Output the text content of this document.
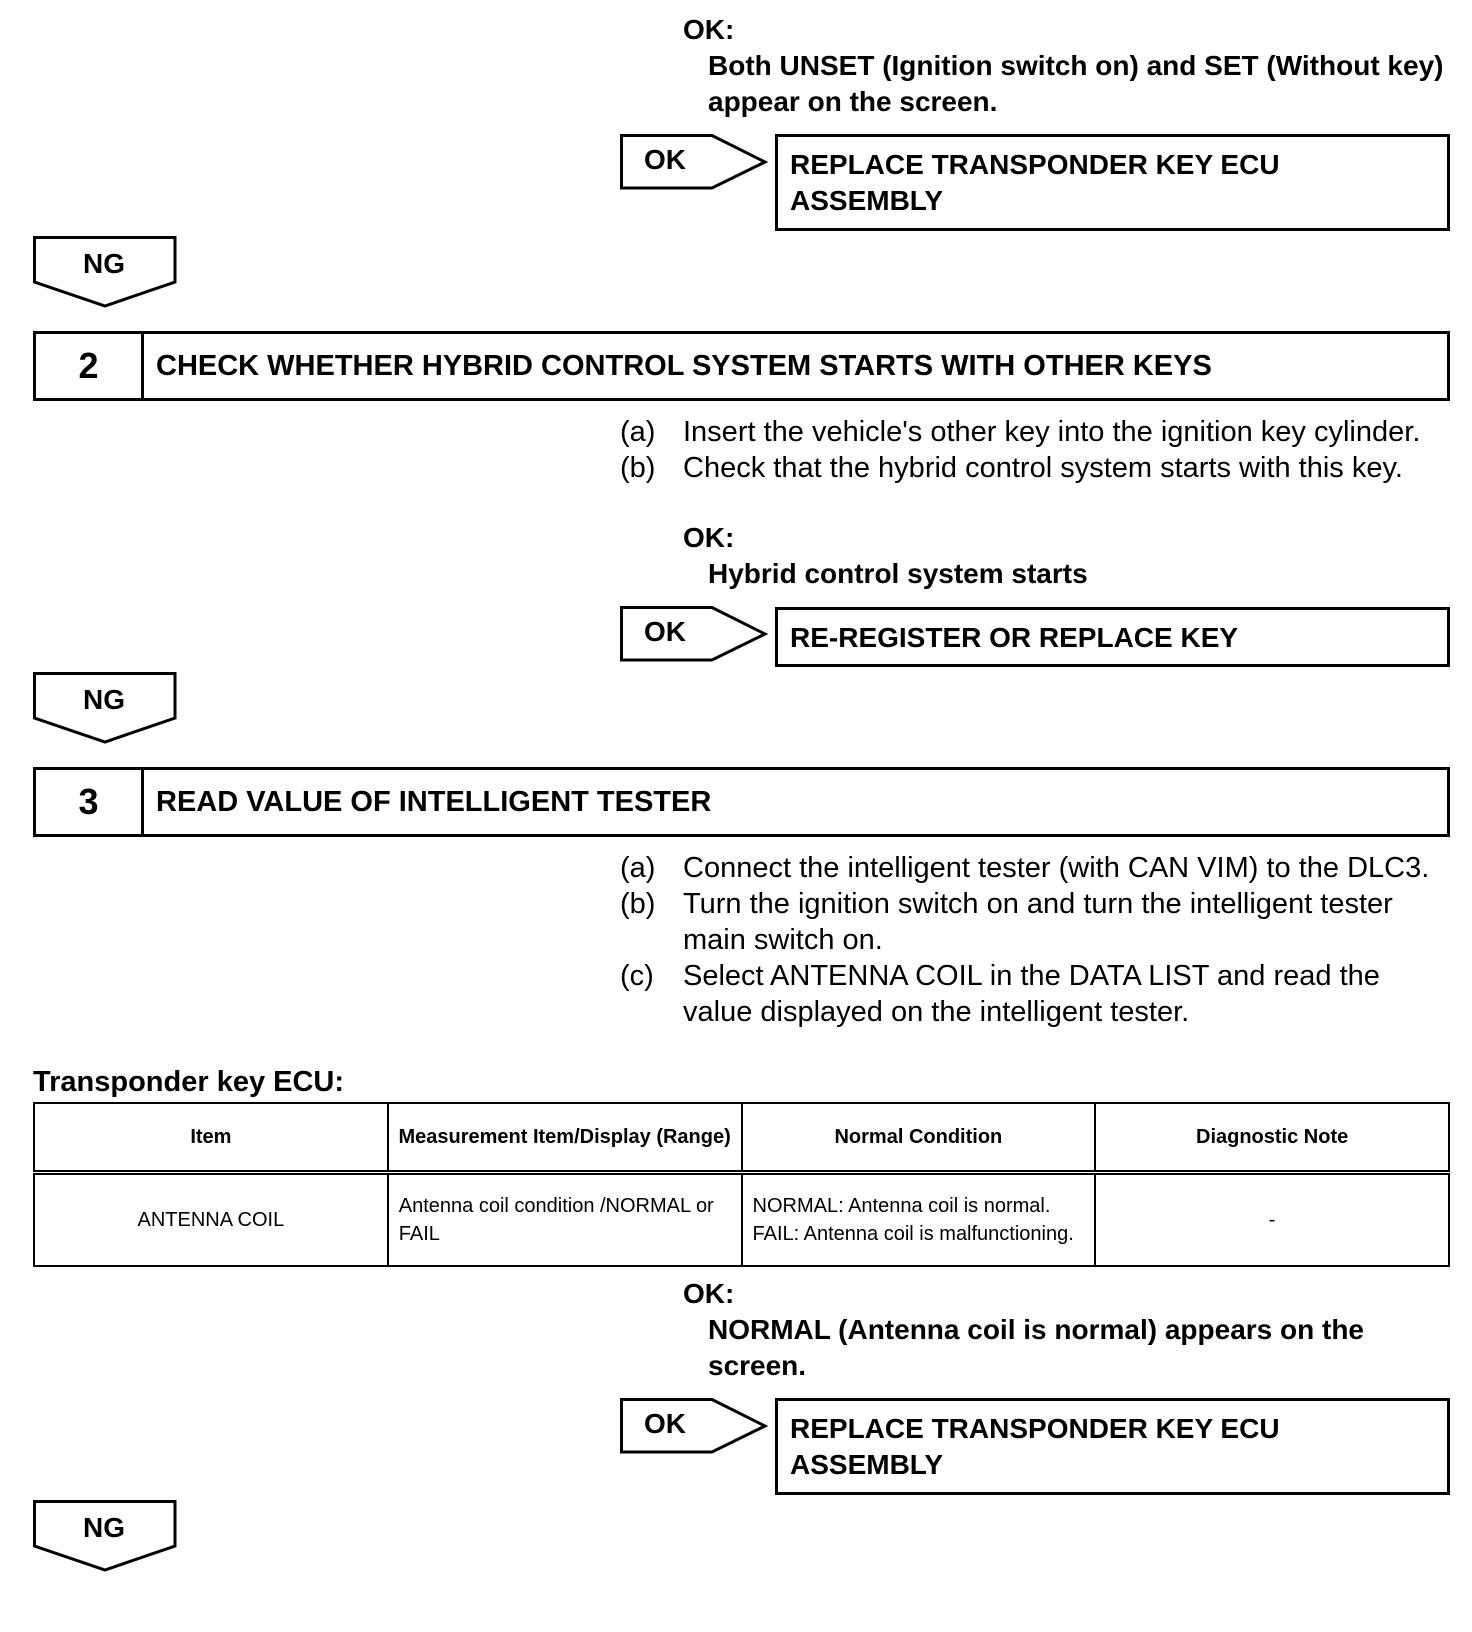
OK:
Both UNSET (Ignition switch on) and SET (Without key) appear on the screen.
OK	REPLACE TRANSPONDER KEY ECU ASSEMBLY
NG
2	CHECK WHETHER HYBRID CONTROL SYSTEM STARTS WITH OTHER KEYS
(a) Insert the vehicle's other key into the ignition key cylinder.
(b) Check that the hybrid control system starts with this key.
OK:
Hybrid control system starts
OK	RE-REGISTER OR REPLACE KEY
NG
3	READ VALUE OF INTELLIGENT TESTER
(a) Connect the intelligent tester (with CAN VIM) to the DLC3.
(b) Turn the ignition switch on and turn the intelligent tester main switch on.
(c)	Select ANTENNA COIL in the DATA LIST and read the value displayed on the intelligent tester.
Transponder key ECU:
Item	Measurement Item/Display (Range)	Normal Condition	Diagnostic Note
ANTENNA COIL	Antenna coil condition /NORMAL or FAIL	NORMAL: Antenna coil is normal. FAIL: Antenna coil is malfunctioning.	-
OK:
NORMAL (Antenna coil is normal) appears on the screen.
OK	REPLACE TRANSPONDER KEY ECU ASSEMBLY
NG
